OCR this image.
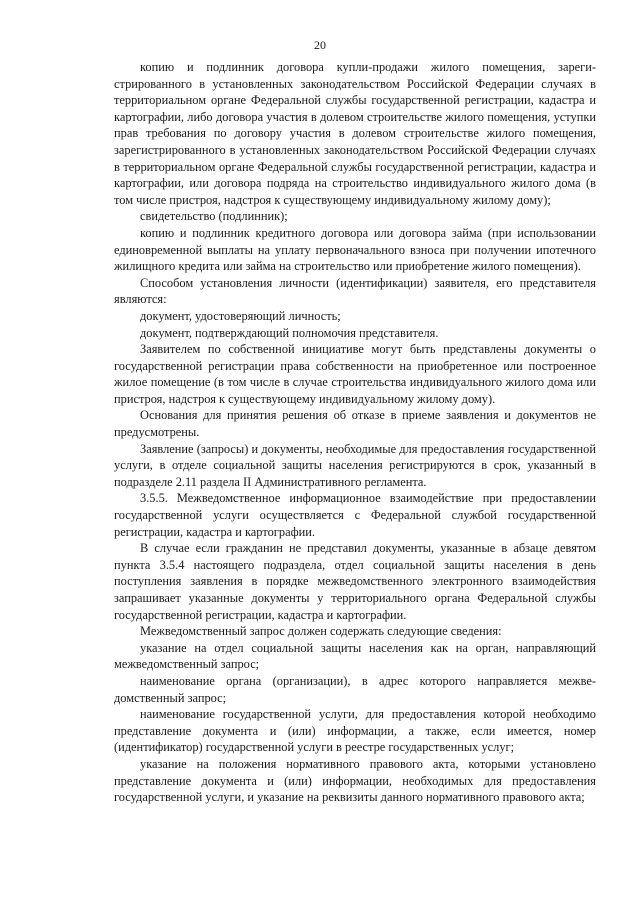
20

копию и подлинник договора купли-продажи жилого помещения, зарегистрированного в установленных законодательством Российской Федерации случаях в территориальном органе Федеральной службы государственной регистрации, кадастра и картографии, либо договора участия в долевом строительстве жилого помещения, уступки прав требования по договору участия в долевом строительстве жилого помещения, зарегистрированного в установленных законодательством Российской Федерации случаях в территориальном органе Федеральной службы государственной регистрации, кадастра и картографии, или договора подряда на строительство индивидуального жилого дома (в том числе пристроя, надстроя к существующему индивидуальному жилому дому);

свидетельство (подлинник);

копию и подлинник кредитного договора или договора займа (при использовании единовременной выплаты на уплату первоначального взноса при получении ипотечного жилищного кредита или займа на строительство или приобретение жилого помещения).

Способом установления личности (идентификации) заявителя, его представителя являются:

документ, удостоверяющий личность;

документ, подтверждающий полномочия представителя.

Заявителем по собственной инициативе могут быть представлены документы о государственной регистрации права собственности на приобретенное или построенное жилое помещение (в том числе в случае строительства индивидуального жилого дома или пристроя, надстроя к существующему индивидуальному жилому дому).

Основания для принятия решения об отказе в приеме заявления и документов не предусмотрены.

Заявление (запросы) и документы, необходимые для предоставления государственной услуги, в отделе социальной защиты населения регистрируются в срок, указанный в подразделе 2.11 раздела II Административного регламента.

3.5.5. Межведомственное информационное взаимодействие при предоставлении государственной услуги осуществляется с Федеральной службой государственной регистрации, кадастра и картографии.

В случае если гражданин не представил документы, указанные в абзаце девятом пункта 3.5.4 настоящего подраздела, отдел социальной защиты населения в день поступления заявления в порядке межведомственного электронного взаимодействия запрашивает указанные документы у территориального органа Федеральной службы государственной регистрации, кадастра и картографии.

Межведомственный запрос должен содержать следующие сведения:

указание на отдел социальной защиты населения как на орган, направляющий межведомственный запрос;

наименование органа (организации), в адрес которого направляется межведомственный запрос;

наименование государственной услуги, для предоставления которой необходимо представление документа и (или) информации, а также, если имеется, номер (идентификатор) государственной услуги в реестре государственных услуг;

указание на положения нормативного правового акта, которыми установлено представление документа и (или) информации, необходимых для предоставления государственной услуги, и указание на реквизиты данного нормативного правового акта;
